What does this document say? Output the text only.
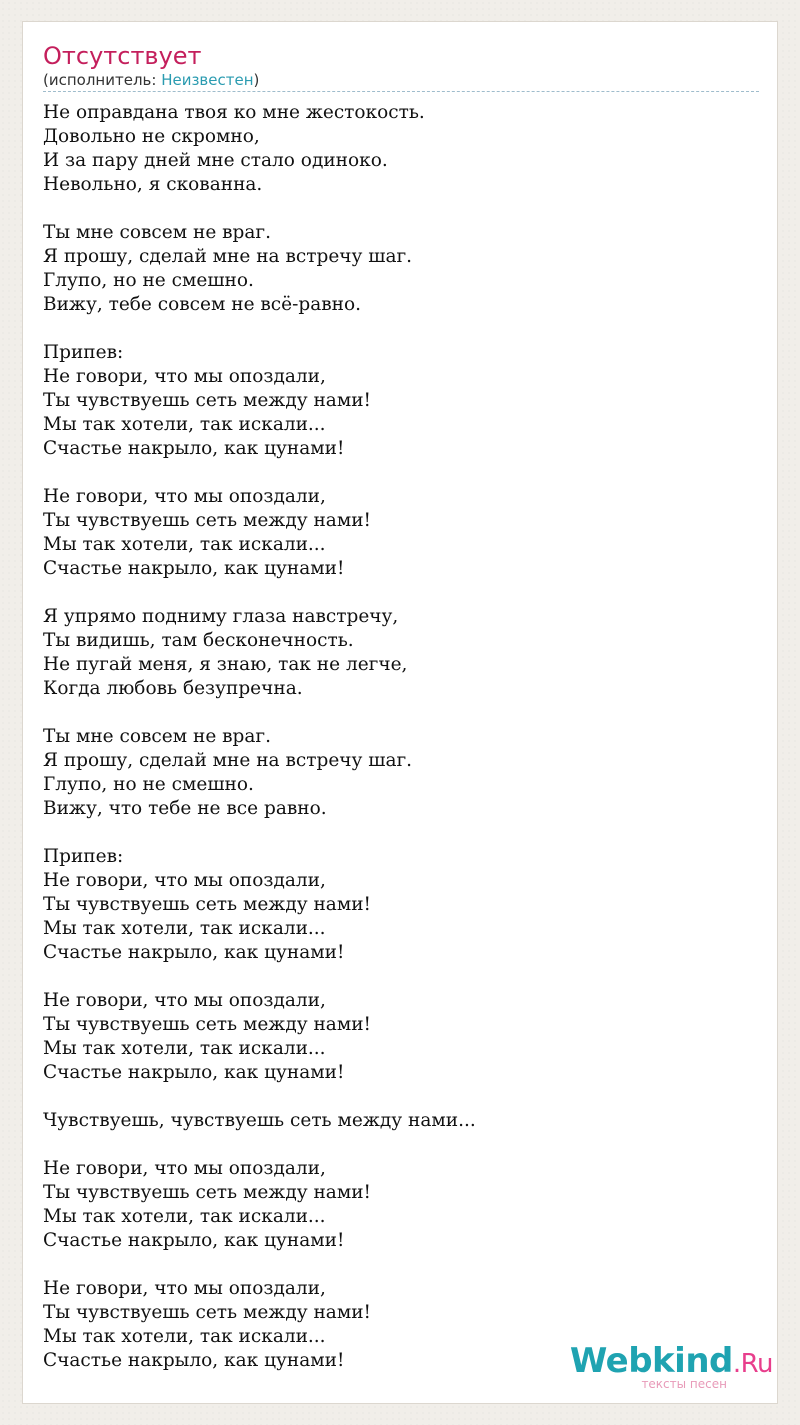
Отсутствует
(исполнитель: Неизвестен)
Не оправдана твоя ко мне жестокость.
Довольно не скромно,
И за пару дней мне стало одиноко.
Невольно, я скованна.

Ты мне совсем не враг.
Я прошу, сделай мне на встречу шаг.
Глупо, но не смешно.
Вижу, тебе совсем не всё-равно.

Припев:
Не говори, что мы опоздали,
Ты чувствуешь сеть между нами!
Мы так хотели, так искали...
Счастье накрыло, как цунами!

Не говори, что мы опоздали,
Ты чувствуешь сеть между нами!
Мы так хотели, так искали...
Счастье накрыло, как цунами!

Я упрямо подниму глаза навстречу,
Ты видишь, там бесконечность.
Не пугай меня, я знаю, так не легче,
Когда любовь безупречна.

Ты мне совсем не враг.
Я прошу, сделай мне на встречу шаг.
Глупо, но не смешно.
Вижу, что тебе не все равно.

Припев:
Не говори, что мы опоздали,
Ты чувствуешь сеть между нами!
Мы так хотели, так искали...
Счастье накрыло, как цунами!

Не говори, что мы опоздали,
Ты чувствуешь сеть между нами!
Мы так хотели, так искали...
Счастье накрыло, как цунами!

Чувствуешь, чувствуешь сеть между нами...

Не говори, что мы опоздали,
Ты чувствуешь сеть между нами!
Мы так хотели, так искали...
Счастье накрыло, как цунами!

Не говори, что мы опоздали,
Ты чувствуешь сеть между нами!
Мы так хотели, так искали...
Счастье накрыло, как цунами!	Webkind.Ru
тексты песен
